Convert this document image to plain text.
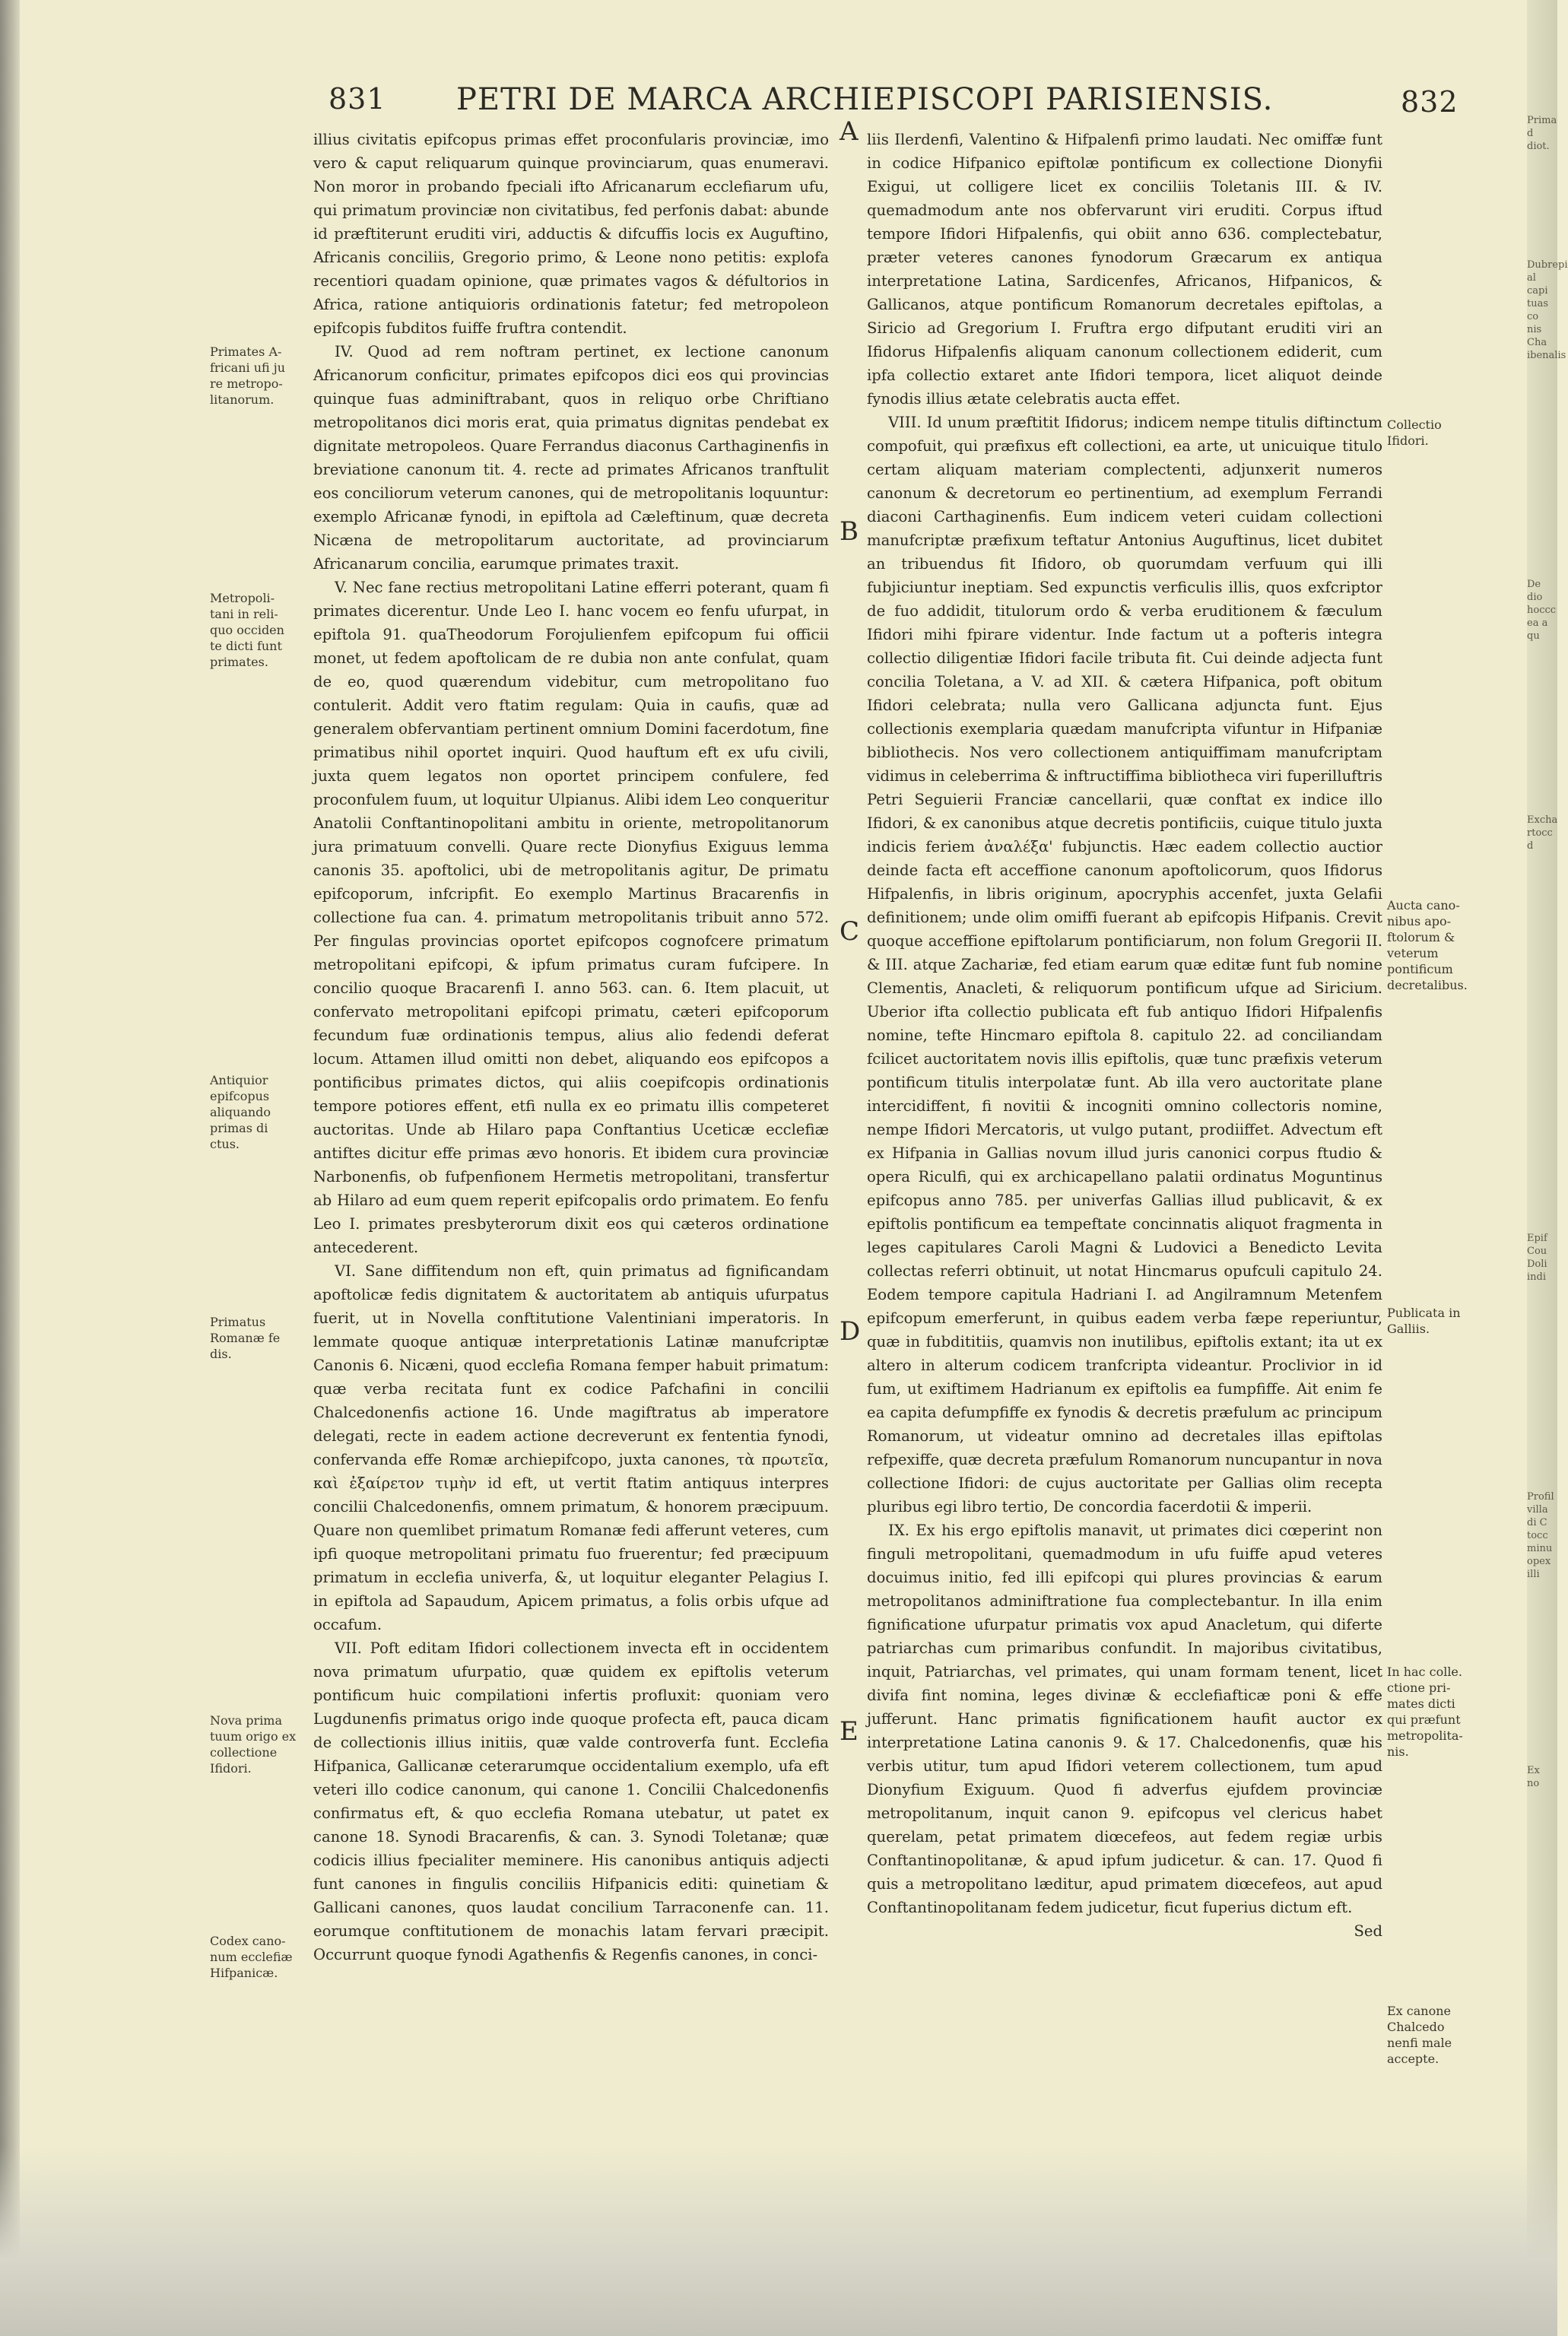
Prima d
diot.
Dubrepi
al capi
tuas co
nis Cha
ibenalis
De dio
hoccc
ea a qu
Excha
rtocc d
Epif
Cou
Doli
indi
Profil
villa
di C
tocc
minu
opex
illi
Ex
no
831 PETRI DE MARCA ARCHIEPISCOPI PARISIENSIS.	832
Primates A-
fricani ufi ju
re metropo-
litanorum.
Metropoli-
tani in reli-
quo occiden
te dicti funt
primates.
Antiquior
epifcopus
aliquando
primas di
ctus.
Primatus
Romanæ fe
dis.
Nova prima
tuum origo ex
collectione
Ifidori.
Codex cano-
num ecclefiæ
Hifpanicæ.
Collectio
Ifidori.
Aucta cano-
nibus apo-
ftolorum &
veterum
pontificum
decretalibus.
Publicata in
Galliis.
In hac colle.
ctione pri-
mates dicti
qui præfunt
metropolita-
nis.
Ex canone
Chalcedo
nenfi male
accepte.
A
B
C
D
E

illius civitatis epifcopus primas effet proconfularis provinciæ, imo vero & caput reliquarum quinque provinciarum, quas enumeravi. Non moror in probando fpeciali ifto Africanarum ecclefiarum ufu, qui primatum provinciæ non civitatibus, fed perfonis dabat: abunde id præftiterunt eruditi viri, adductis & difcuffis locis ex Auguftino, Africanis conciliis, Gregorio primo, & Leone nono petitis: explofa recentiori quadam opinione, quæ primates vagos & défultorios in Africa, ratione antiquioris ordinationis fatetur; fed metropoleon epifcopis fubditos fuiffe fruftra contendit.

IV. Quod ad rem noftram pertinet, ex lectione canonum Africanorum conficitur, primates epifcopos dici eos qui provincias quinque fuas adminiftrabant, quos in reliquo orbe Chriftiano metropolitanos dici moris erat, quia primatus dignitas pendebat ex dignitate metropoleos. Quare Ferrandus diaconus Carthaginenfis in breviatione canonum tit. 4. recte ad primates Africanos tranftulit eos conciliorum veterum canones, qui de metropolitanis loquuntur: exemplo Africanæ fynodi, in epiftola ad Cæleftinum, quæ decreta Nicæna de metropolitarum auctoritate, ad provinciarum Africanarum concilia, earumque primates traxit.

V. Nec fane rectius metropolitani Latine efferri poterant, quam fi primates dicerentur. Unde Leo I. hanc vocem eo fenfu ufurpat, in epiftola 91. quaTheodorum Forojulienfem epifcopum fui officii monet, ut fedem apoftolicam de re dubia non ante confulat, quam de eo, quod quærendum videbitur, cum metropolitano fuo contulerit. Addit vero ftatim regulam: Quia in caufis, quæ ad generalem obfervantiam pertinent omnium Domini facerdotum, fine primatibus nihil oportet inquiri. Quod hauftum eft ex ufu civili, juxta quem legatos non oportet principem confulere, fed proconfulem fuum, ut loquitur Ulpianus. Alibi idem Leo conqueritur Anatolii Conftantinopolitani ambitu in oriente, metropolitanorum jura primatuum convelli. Quare recte Dionyfius Exiguus lemma canonis 35. apoftolici, ubi de metropolitanis agitur, De primatu epifcoporum, infcripfit. Eo exemplo Martinus Bracarenfis in collectione fua can. 4. primatum metropolitanis tribuit anno 572. Per fingulas provincias oportet epifcopos cognofcere primatum metropolitani epifcopi, & ipfum primatus curam fufcipere. In concilio quoque Bracarenfi I. anno 563. can. 6. Item placuit, ut confervato metropolitani epifcopi primatu, cæteri epifcoporum fecundum fuæ ordinationis tempus, alius alio fedendi deferat locum. Attamen illud omitti non debet, aliquando eos epifcopos a pontificibus primates dictos, qui aliis coepifcopis ordinationis tempore potiores effent, etfi nulla ex eo primatu illis competeret auctoritas. Unde ab Hilaro papa Conftantius Uceticæ ecclefiæ antiftes dicitur effe primas ævo honoris. Et ibidem cura provinciæ Narbonenfis, ob fufpenfionem Hermetis metropolitani, transfertur ab Hilaro ad eum quem reperit epifcopalis ordo primatem. Eo fenfu Leo I. primates presbyterorum dixit eos qui cæteros ordinatione antecederent.

VI. Sane diffitendum non eft, quin primatus ad fignificandam apoftolicæ fedis dignitatem & auctoritatem ab antiquis ufurpatus fuerit, ut in Novella conftitutione Valentiniani imperatoris. In lemmate quoque antiquæ interpretationis Latinæ manufcriptæ Canonis 6. Nicæni, quod ecclefia Romana femper habuit primatum: quæ verba recitata funt ex codice Pafchafini in concilii Chalcedonenfis actione 16. Unde magiftratus ab imperatore delegati, recte in eadem actione decreverunt ex fententia fynodi, confervanda effe Romæ archiepifcopo, juxta canones, τὰ πρωτεῖα, καὶ ἐξαίρετον τιμὴν id eft, ut vertit ftatim antiquus interpres concilii Chalcedonenfis, omnem primatum, & honorem præcipuum. Quare non quemlibet primatum Romanæ fedi afferunt veteres, cum ipfi quoque metropolitani primatu fuo fruerentur; fed præcipuum primatum in ecclefia univerfa, &, ut loquitur eleganter Pelagius I. in epiftola ad Sapaudum, Apicem primatus, a folis orbis ufque ad occafum.

VII. Poft editam Ifidori collectionem invecta eft in occidentem nova primatum ufurpatio, quæ quidem ex epiftolis veterum pontificum huic compilationi infertis profluxit: quoniam vero Lugdunenfis primatus origo inde quoque profecta eft, pauca dicam de collectionis illius initiis, quæ valde controverfa funt. Ecclefia Hifpanica, Gallicanæ ceterarumque occidentalium exemplo, ufa eft veteri illo codice canonum, qui canone 1. Concilii Chalcedonenfis confirmatus eft, & quo ecclefia Romana utebatur, ut patet ex canone 18. Synodi Bracarenfis, & can. 3. Synodi Toletanæ; quæ codicis illius fpecialiter meminere. His canonibus antiquis adjecti funt canones in fingulis conciliis Hifpanicis editi: quinetiam & Gallicani canones, quos laudat concilium Tarraconenfe can. 11. eorumque conftitutionem de monachis latam fervari præcipit. Occurrunt quoque fynodi Agathenfis & Regenfis canones, in conci-

liis Ilerdenfi, Valentino & Hifpalenfi primo laudati. Nec omiffæ funt in codice Hifpanico epiftolæ pontificum ex collectione Dionyfii Exigui, ut colligere licet ex conciliis Toletanis III. & IV. quemadmodum ante nos obfervarunt viri eruditi. Corpus iftud tempore Ifidori Hifpalenfis, qui obiit anno 636. complectebatur, præter veteres canones fynodorum Græcarum ex antiqua interpretatione Latina, Sardicenfes, Africanos, Hifpanicos, & Gallicanos, atque pontificum Romanorum decretales epiftolas, a Siricio ad Gregorium I. Fruftra ergo difputant eruditi viri an Ifidorus Hifpalenfis aliquam canonum collectionem ediderit, cum ipfa collectio extaret ante Ifidori tempora, licet aliquot deinde fynodis illius ætate celebratis aucta effet.

VIII. Id unum præftitit Ifidorus; indicem nempe titulis diftinctum compofuit, qui præfixus eft collectioni, ea arte, ut unicuique titulo certam aliquam materiam complectenti, adjunxerit numeros canonum & decretorum eo pertinentium, ad exemplum Ferrandi diaconi Carthaginenfis. Eum indicem veteri cuidam collectioni manufcriptæ præfixum teftatur Antonius Auguftinus, licet dubitet an tribuendus fit Ifidoro, ob quorumdam verfuum qui illi fubjiciuntur ineptiam. Sed expunctis verficulis illis, quos exfcriptor de fuo addidit, titulorum ordo & verba eruditionem & fæculum Ifidori mihi fpirare videntur. Inde factum ut a pofteris integra collectio diligentiæ Ifidori facile tributa fit. Cui deinde adjecta funt concilia Toletana, a V. ad XII. & cætera Hifpanica, poft obitum Ifidori celebrata; nulla vero Gallicana adjuncta funt. Ejus collectionis exemplaria quædam manufcripta vifuntur in Hifpaniæ bibliothecis. Nos vero collectionem antiquiffimam manufcriptam vidimus in celeberrima & inftructiffima bibliotheca viri fuperilluftris Petri Seguierii Franciæ cancellarii, quæ conftat ex indice illo Ifidori, & ex canonibus atque decretis pontificiis, cuique titulo juxta indicis feriem ἀναλέξα' fubjunctis. Hæc eadem collectio auctior deinde facta eft acceffione canonum apoftolicorum, quos Ifidorus Hifpalenfis, in libris originum, apocryphis accenfet, juxta Gelafii definitionem; unde olim omiffi fuerant ab epifcopis Hifpanis. Crevit quoque acceffione epiftolarum pontificiarum, non folum Gregorii II. & III. atque Zachariæ, fed etiam earum quæ editæ funt fub nomine Clementis, Anacleti, & reliquorum pontificum ufque ad Siricium. Uberior ifta collectio publicata eft fub antiquo Ifidori Hifpalenfis nomine, tefte Hincmaro epiftola 8. capitulo 22. ad conciliandam fcilicet auctoritatem novis illis epiftolis, quæ tunc præfixis veterum pontificum titulis interpolatæ funt. Ab illa vero auctoritate plane intercidiffent, fi novitii & incogniti omnino collectoris nomine, nempe Ifidori Mercatoris, ut vulgo putant, prodiiffet. Advectum eft ex Hifpania in Gallias novum illud juris canonici corpus ftudio & opera Riculfi, qui ex archicapellano palatii ordinatus Moguntinus epifcopus anno 785. per univerfas Gallias illud publicavit, & ex epiftolis pontificum ea tempeftate concinnatis aliquot fragmenta in leges capitulares Caroli Magni & Ludovici a Benedicto Levita collectas referri obtinuit, ut notat Hincmarus opufculi capitulo 24. Eodem tempore capitula Hadriani I. ad Angilramnum Metenfem epifcopum emerferunt, in quibus eadem verba fæpe reperiuntur, quæ in fubdititiis, quamvis non inutilibus, epiftolis extant; ita ut ex altero in alterum codicem tranfcripta videantur. Proclivior in id fum, ut exiftimem Hadrianum ex epiftolis ea fumpfiffe. Ait enim fe ea capita defumpfiffe ex fynodis & decretis præfulum ac principum Romanorum, ut videatur omnino ad decretales illas epiftolas refpexiffe, quæ decreta præfulum Romanorum nuncupantur in nova collectione Ifidori: de cujus auctoritate per Gallias olim recepta pluribus egi libro tertio, De concordia facerdotii & imperii.

IX. Ex his ergo epiftolis manavit, ut primates dici cœperint non finguli metropolitani, quemadmodum in ufu fuiffe apud veteres docuimus initio, fed illi epifcopi qui plures provincias & earum metropolitanos adminiftratione fua complectebantur. In illa enim fignificatione ufurpatur primatis vox apud Anacletum, qui diferte patriarchas cum primaribus confundit. In majoribus civitatibus, inquit, Patriarchas, vel primates, qui unam formam tenent, licet divifa fint nomina, leges divinæ & ecclefiafticæ poni & effe jufferunt. Hanc primatis fignificationem haufit auctor ex interpretatione Latina canonis 9. & 17. Chalcedonenfis, quæ his verbis utitur, tum apud Ifidori veterem collectionem, tum apud Dionyfium Exiguum. Quod fi adverfus ejufdem provinciæ metropolitanum, inquit canon 9. epifcopus vel clericus habet querelam, petat primatem diœcefeos, aut fedem regiæ urbis Conftantinopolitanæ, & apud ipfum judicetur. & can. 17. Quod fi quis a metropolitano læditur, apud primatem diœcefeos, aut apud Conftantinopolitanam fedem judicetur, ficut fuperius dictum eft.

Sed
